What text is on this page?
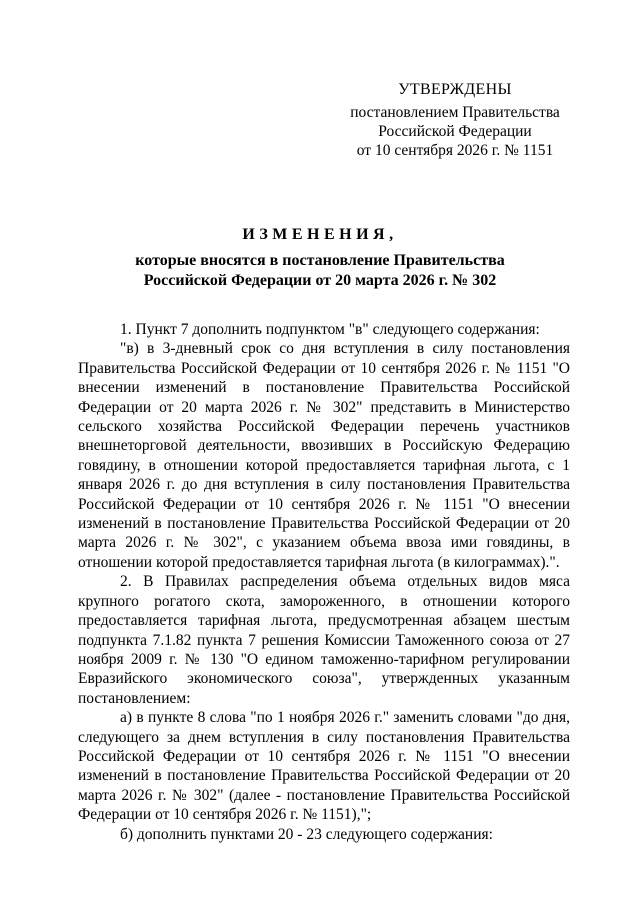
УТВЕРЖДЕНЫ
постановлением Правительства
Российской Федерации
от 10 сентября 2026 г. № 1151
ИЗМЕНЕНИЯ,
которые вносятся в постановление Правительства
Российской Федерации от 20 марта 2026 г. № 302

1. Пункт 7 дополнить подпунктом "в" следующего содержания:

"в) в 3-дневный срок со дня вступления в силу постановления Правительства Российской Федерации от 10 сентября 2026 г. № 1151 "О внесении изменений в постановление Правительства Российской Федерации от 20 марта 2026 г. № 302" представить в Министерство сельского хозяйства Российской Федерации перечень участников внешнеторговой деятельности, ввозивших в Российскую Федерацию говядину, в отношении которой предоставляется тарифная льгота, с 1 января 2026 г. до дня вступления в силу постановления Правительства Российской Федерации от 10 сентября 2026 г. № 1151 "О внесении изменений в постановление Правительства Российской Федерации от 20 марта 2026 г. № 302", с указанием объема ввоза ими говядины, в отношении которой предоставляется тарифная льгота (в килограммах).".

2. В Правилах распределения объема отдельных видов мяса крупного рогатого скота, замороженного, в отношении которого предоставляется тарифная льгота, предусмотренная абзацем шестым подпункта 7.1.82 пункта 7 решения Комиссии Таможенного союза от 27 ноября 2009 г. № 130 "О едином таможенно-тарифном регулировании Евразийского экономического союза", утвержденных указанным постановлением:

а) в пункте 8 слова "по 1 ноября 2026 г." заменить словами "до дня, следующего за днем вступления в силу постановления Правительства Российской Федерации от 10 сентября 2026 г. № 1151 "О внесении изменений в постановление Правительства Российской Федерации от 20 марта 2026 г. № 302" (далее - постановление Правительства Российской Федерации от 10 сентября 2026 г. № 1151),";

б) дополнить пунктами 20 - 23 следующего содержания:
